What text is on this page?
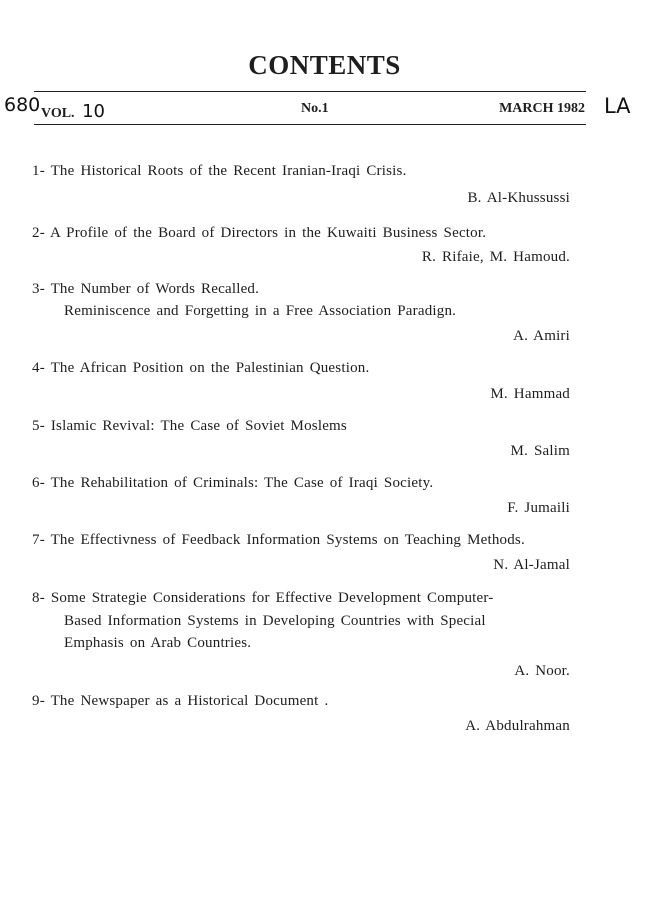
CONTENTS
680 VOL. 10	No.1	MARCH 1982 LA
1- The Historical Roots of the Recent Iranian-Iraqi Crisis.
B. Al-Khussussi
2- A Profile of the Board of Directors in the Kuwaiti Business Sector.
R. Rifaie, M. Hamoud.
3- The Number of Words Recalled.
Reminiscence and Forgetting in a Free Association Paradign.
A. Amiri
4- The African Position on the Palestinian Question.
M. Hammad
5- Islamic Revival: The Case of Soviet Moslems
M. Salim
6- The Rehabilitation of Criminals: The Case of Iraqi Society.
F. Jumaili
7- The Effectivness of Feedback Information Systems on Teaching Methods.
N. Al-Jamal
8- Some Strategie Considerations for Effective Development Computer-
Based Information Systems in Developing Countries with Special
Emphasis on Arab Countries.
A. Noor.
9- The Newspaper as a Historical Document .
A. Abdulrahman
